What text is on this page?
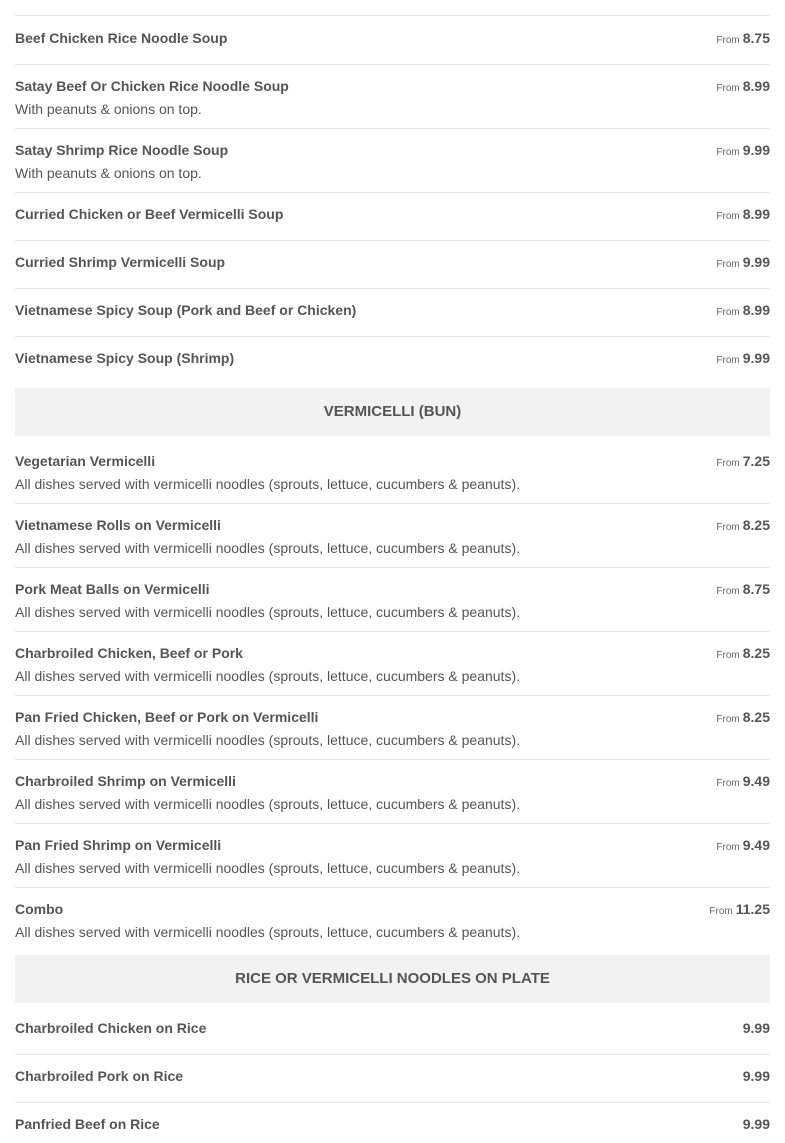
Beef Chicken Rice Noodle Soup	From 8.75
Satay Beef Or Chicken Rice Noodle Soup
With peanuts & onions on top.
From 8.99
Satay Shrimp Rice Noodle Soup
With peanuts & onions on top.
From 9.99
Curried Chicken or Beef Vermicelli Soup	From 8.99
Curried Shrimp Vermicelli Soup	From 9.99
Vietnamese Spicy Soup (Pork and Beef or Chicken)	From 8.99
Vietnamese Spicy Soup (Shrimp)	From 9.99
VERMICELLI (BUN)
Vegetarian Vermicelli
All dishes served with vermicelli noodles (sprouts, lettuce, cucumbers & peanuts).
From 7.25
Vietnamese Rolls on Vermicelli
All dishes served with vermicelli noodles (sprouts, lettuce, cucumbers & peanuts).
From 8.25
Pork Meat Balls on Vermicelli
All dishes served with vermicelli noodles (sprouts, lettuce, cucumbers & peanuts).
From 8.75
Charbroiled Chicken, Beef or Pork
All dishes served with vermicelli noodles (sprouts, lettuce, cucumbers & peanuts).
From 8.25
Pan Fried Chicken, Beef or Pork on Vermicelli
All dishes served with vermicelli noodles (sprouts, lettuce, cucumbers & peanuts).
From 8.25
Charbroiled Shrimp on Vermicelli
All dishes served with vermicelli noodles (sprouts, lettuce, cucumbers & peanuts).
From 9.49
Pan Fried Shrimp on Vermicelli
All dishes served with vermicelli noodles (sprouts, lettuce, cucumbers & peanuts).
From 9.49
Combo
All dishes served with vermicelli noodles (sprouts, lettuce, cucumbers & peanuts).
From 11.25
RICE OR VERMICELLI NOODLES ON PLATE
Charbroiled Chicken on Rice	9.99
Charbroiled Pork on Rice	9.99
Panfried Beef on Rice	9.99
